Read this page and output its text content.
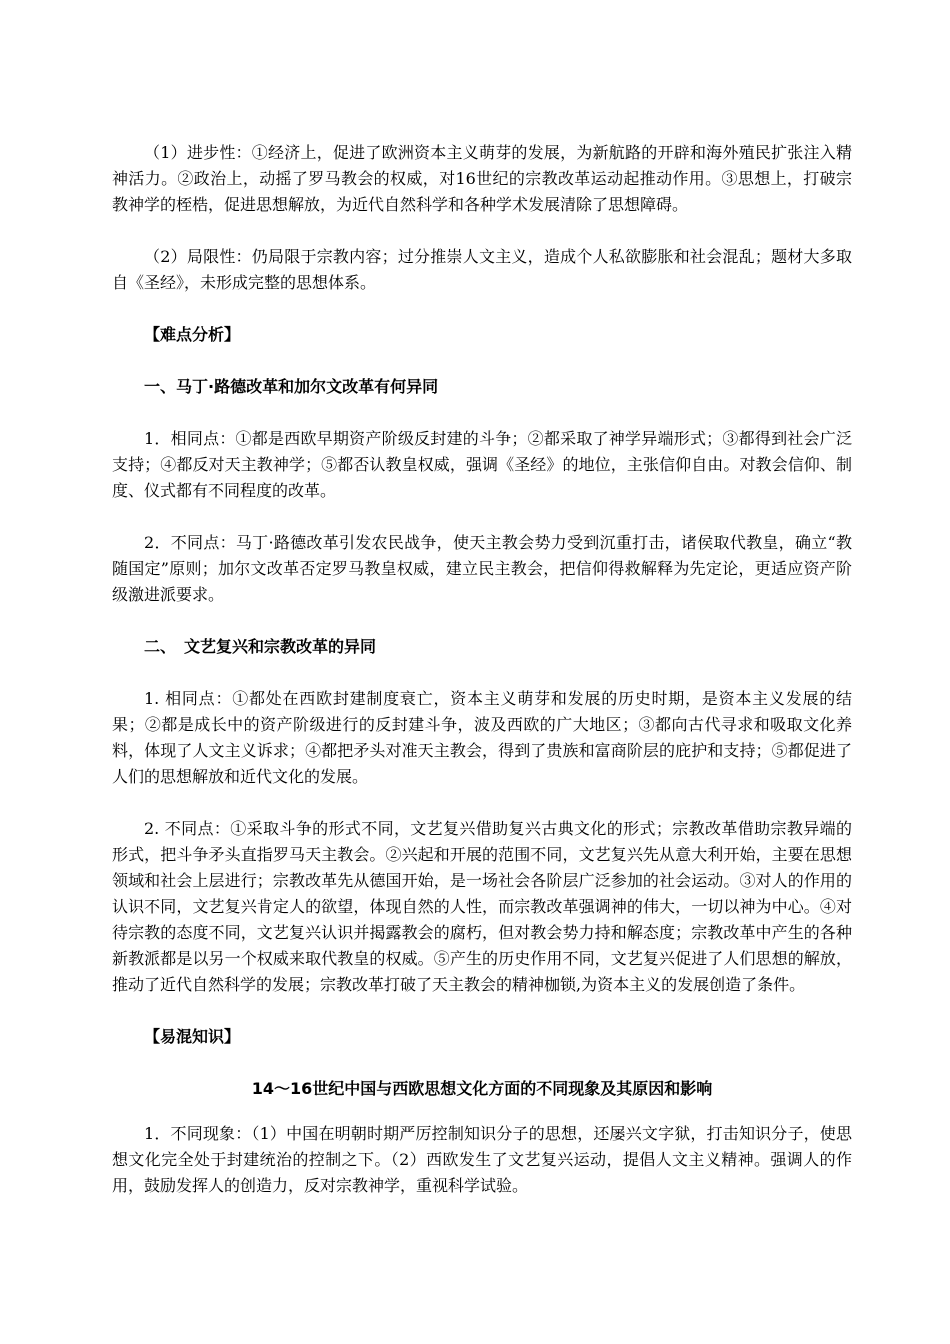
（1）进步性：①经济上，促进了欧洲资本主义萌芽的发展，为新航路的开辟和海外殖民扩张注入精神活力。②政治上，动摇了罗马教会的权威，对16世纪的宗教改革运动起推动作用。③思想上，打破宗教神学的桎梏，促进思想解放，为近代自然科学和各种学术发展清除了思想障碍。

（2）局限性：仍局限于宗教内容；过分推崇人文主义，造成个人私欲膨胀和社会混乱；题材大多取自《圣经》，未形成完整的思想体系。

【难点分析】

一、马丁·路德改革和加尔文改革有何异同

1．相同点：①都是西欧早期资产阶级反封建的斗争；②都采取了神学异端形式；③都得到社会广泛支持；④都反对天主教神学；⑤都否认教皇权威，强调《圣经》的地位，主张信仰自由。对教会信仰、制度、仪式都有不同程度的改革。

2．不同点：马丁·路德改革引发农民战争，使天主教会势力受到沉重打击，诸侯取代教皇，确立“教随国定”原则；加尔文改革否定罗马教皇权威，建立民主教会，把信仰得救解释为先定论，更适应资产阶级激进派要求。

二、　文艺复兴和宗教改革的异同

1. 相同点：①都处在西欧封建制度衰亡，资本主义萌芽和发展的历史时期，是资本主义发展的结果；②都是成长中的资产阶级进行的反封建斗争，波及西欧的广大地区；③都向古代寻求和吸取文化养料，体现了人文主义诉求；④都把矛头对准天主教会，得到了贵族和富商阶层的庇护和支持；⑤都促进了人们的思想解放和近代文化的发展。

2. 不同点：①采取斗争的形式不同，文艺复兴借助复兴古典文化的形式；宗教改革借助宗教异端的形式，把斗争矛头直指罗马天主教会。②兴起和开展的范围不同，文艺复兴先从意大利开始，主要在思想领域和社会上层进行；宗教改革先从德国开始，是一场社会各阶层广泛参加的社会运动。③对人的作用的认识不同，文艺复兴肯定人的欲望，体现自然的人性，而宗教改革强调神的伟大，一切以神为中心。④对待宗教的态度不同，文艺复兴认识并揭露教会的腐朽，但对教会势力持和解态度；宗教改革中产生的各种新教派都是以另一个权威来取代教皇的权威。⑤产生的历史作用不同，文艺复兴促进了人们思想的解放，推动了近代自然科学的发展；宗教改革打破了天主教会的精神枷锁,为资本主义的发展创造了条件。

【易混知识】

14～16世纪中国与西欧思想文化方面的不同现象及其原因和影响

1．不同现象：（1）中国在明朝时期严厉控制知识分子的思想，还屡兴文字狱，打击知识分子，使思想文化完全处于封建统治的控制之下。（2）西欧发生了文艺复兴运动，提倡人文主义精神。强调人的作用，鼓励发挥人的创造力，反对宗教神学，重视科学试验。
